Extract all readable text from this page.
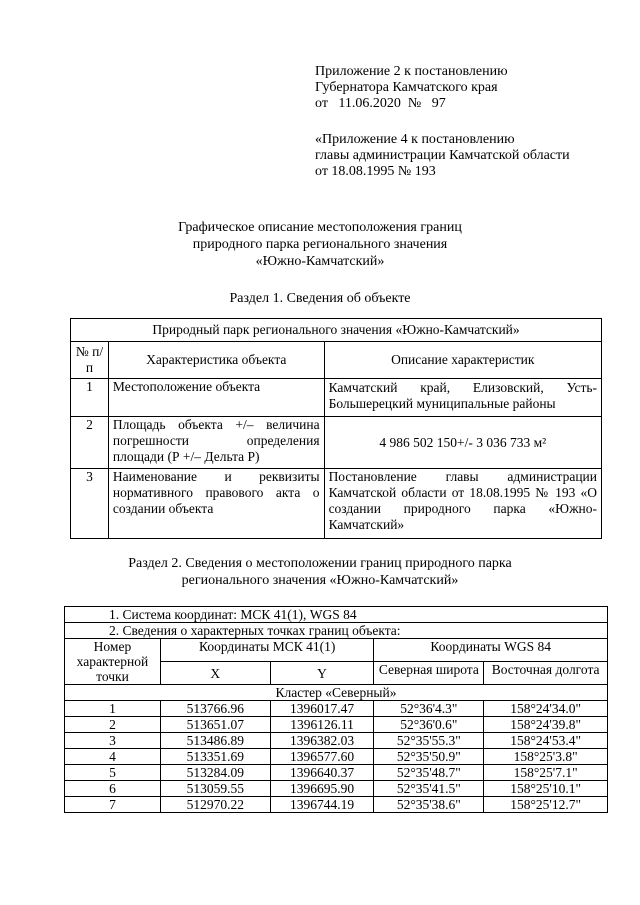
Приложение 2 к постановлению
Губернатора Камчатского края
от   11.06.2020  №   97
«Приложение 4 к постановлению
главы администрации Камчатской области
от 18.08.1995 № 193
Графическое описание местоположения границ
природного парка регионального значения
«Южно-Камчатский»
Раздел 1. Сведения об объекте
Природный парк регионального значения «Южно-Камчатский»		
№ п/п	Характеристика объекта	Описание характеристик
1	Местоположение объекта	Камчатский край, Елизовский, Усть-Большерецкий муниципальные районы
2	Площадь объекта +/– величина погрешности определения площади (Р +/– Дельта Р)	4 986 502 150+/- 3 036 733 м²
3	Наименование и реквизиты нормативного правового акта о создании объекта	Постановление главы администрации Камчатской области от 18.08.1995 № 193 «О создании природного парка «Южно-Камчатский»
Раздел 2. Сведения о местоположении границ природного парка
регионального значения «Южно-Камчатский»
1. Система координат: МСК 41(1), WGS 84				
2. Сведения о характерных точках границ объекта:				
Номер характерной точки	Координаты МСК 41(1)		Координаты WGS 84	
	X	Y	Северная широта	Восточная долгота
Кластер «Северный»				
1	513766.96	1396017.47	52°36'4.3"	158°24'34.0"
2	513651.07	1396126.11	52°36'0.6"	158°24'39.8"
3	513486.89	1396382.03	52°35'55.3"	158°24'53.4"
4	513351.69	1396577.60	52°35'50.9"	158°25'3.8"
5	513284.09	1396640.37	52°35'48.7"	158°25'7.1"
6	513059.55	1396695.90	52°35'41.5"	158°25'10.1"
7	512970.22	1396744.19	52°35'38.6"	158°25'12.7"
